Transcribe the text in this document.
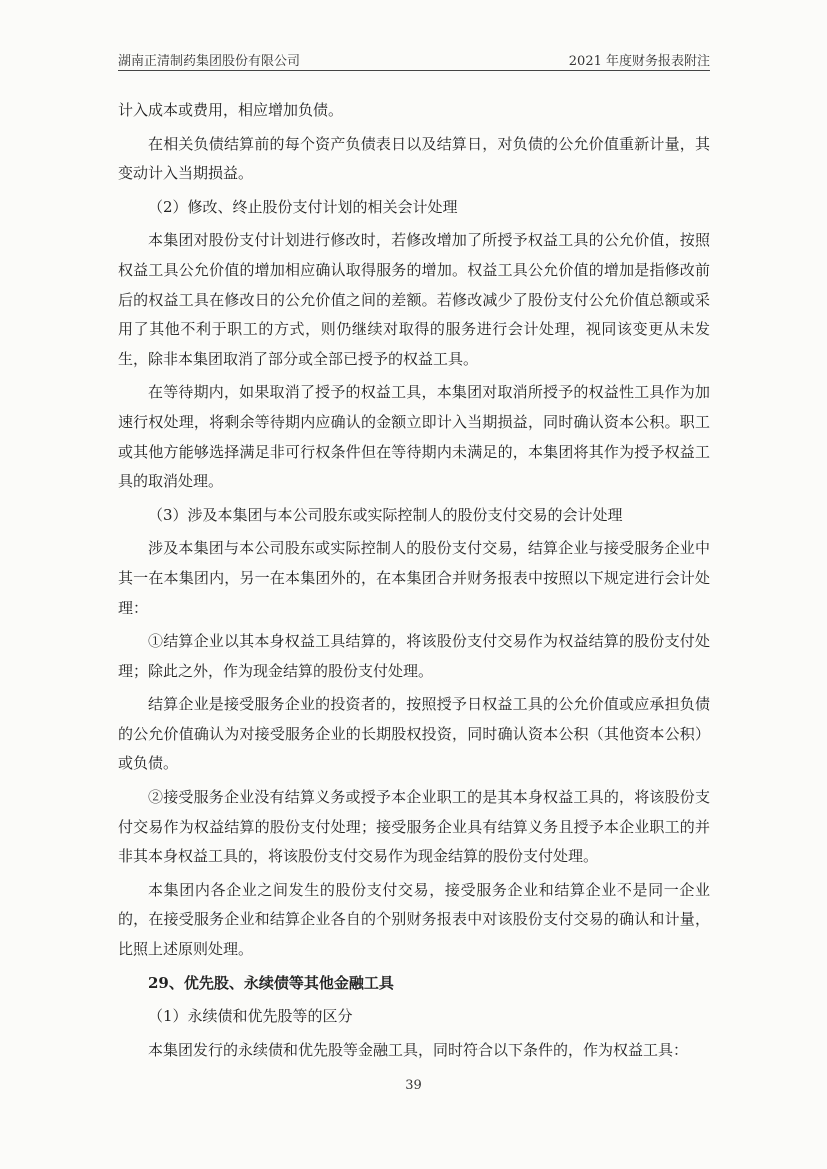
湖南正清制药集团股份有限公司	2021 年度财务报表附注

计入成本或费用，相应增加负债。

在相关负债结算前的每个资产负债表日以及结算日，对负债的公允价值重新计量，其变动计入当期损益。

（2）修改、终止股份支付计划的相关会计处理

本集团对股份支付计划进行修改时，若修改增加了所授予权益工具的公允价值，按照权益工具公允价值的增加相应确认取得服务的增加。权益工具公允价值的增加是指修改前后的权益工具在修改日的公允价值之间的差额。若修改减少了股份支付公允价值总额或采用了其他不利于职工的方式，则仍继续对取得的服务进行会计处理，视同该变更从未发生，除非本集团取消了部分或全部已授予的权益工具。

在等待期内，如果取消了授予的权益工具，本集团对取消所授予的权益性工具作为加速行权处理，将剩余等待期内应确认的金额立即计入当期损益，同时确认资本公积。职工或其他方能够选择满足非可行权条件但在等待期内未满足的，本集团将其作为授予权益工具的取消处理。

（3）涉及本集团与本公司股东或实际控制人的股份支付交易的会计处理

涉及本集团与本公司股东或实际控制人的股份支付交易，结算企业与接受服务企业中其一在本集团内，另一在本集团外的，在本集团合并财务报表中按照以下规定进行会计处理：

①结算企业以其本身权益工具结算的，将该股份支付交易作为权益结算的股份支付处理；除此之外，作为现金结算的股份支付处理。

结算企业是接受服务企业的投资者的，按照授予日权益工具的公允价值或应承担负债的公允价值确认为对接受服务企业的长期股权投资，同时确认资本公积（其他资本公积）或负债。

②接受服务企业没有结算义务或授予本企业职工的是其本身权益工具的，将该股份支付交易作为权益结算的股份支付处理；接受服务企业具有结算义务且授予本企业职工的并非其本身权益工具的，将该股份支付交易作为现金结算的股份支付处理。

本集团内各企业之间发生的股份支付交易，接受服务企业和结算企业不是同一企业的，在接受服务企业和结算企业各自的个别财务报表中对该股份支付交易的确认和计量，比照上述原则处理。

29、优先股、永续债等其他金融工具

（1）永续债和优先股等的区分

本集团发行的永续债和优先股等金融工具，同时符合以下条件的，作为权益工具：

39
